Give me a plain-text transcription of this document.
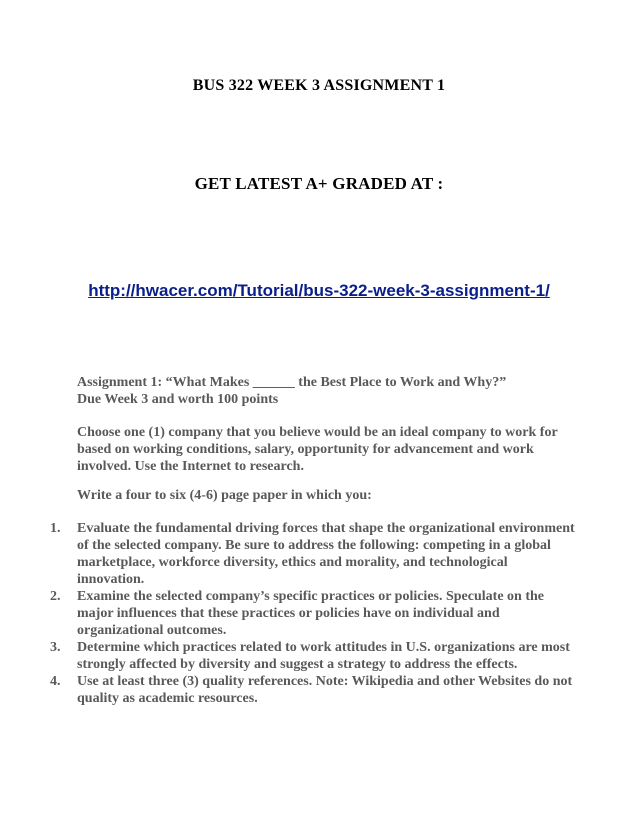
BUS 322 WEEK 3 ASSIGNMENT 1
GET LATEST A+ GRADED AT :
http://hwacer.com/Tutorial/bus-322-week-3-assignment-1/
Assignment 1: “What Makes ______ the Best Place to Work and Why?”
Due Week 3 and worth 100 points
Choose one (1) company that you believe would be an ideal company to work for based on working conditions, salary, opportunity for advancement and work involved. Use the Internet to research.
Write a four to six (4-6) page paper in which you:
1.	Evaluate the fundamental driving forces that shape the organizational environment of the selected company. Be sure to address the following: competing in a global marketplace, workforce diversity, ethics and morality, and technological innovation.
2.	Examine the selected company’s specific practices or policies. Speculate on the major influences that these practices or policies have on individual and organizational outcomes.
3.	Determine which practices related to work attitudes in U.S. organizations are most strongly affected by diversity and suggest a strategy to address the effects.
4.	Use at least three (3) quality references. Note: Wikipedia and other Websites do not quality as academic resources.
